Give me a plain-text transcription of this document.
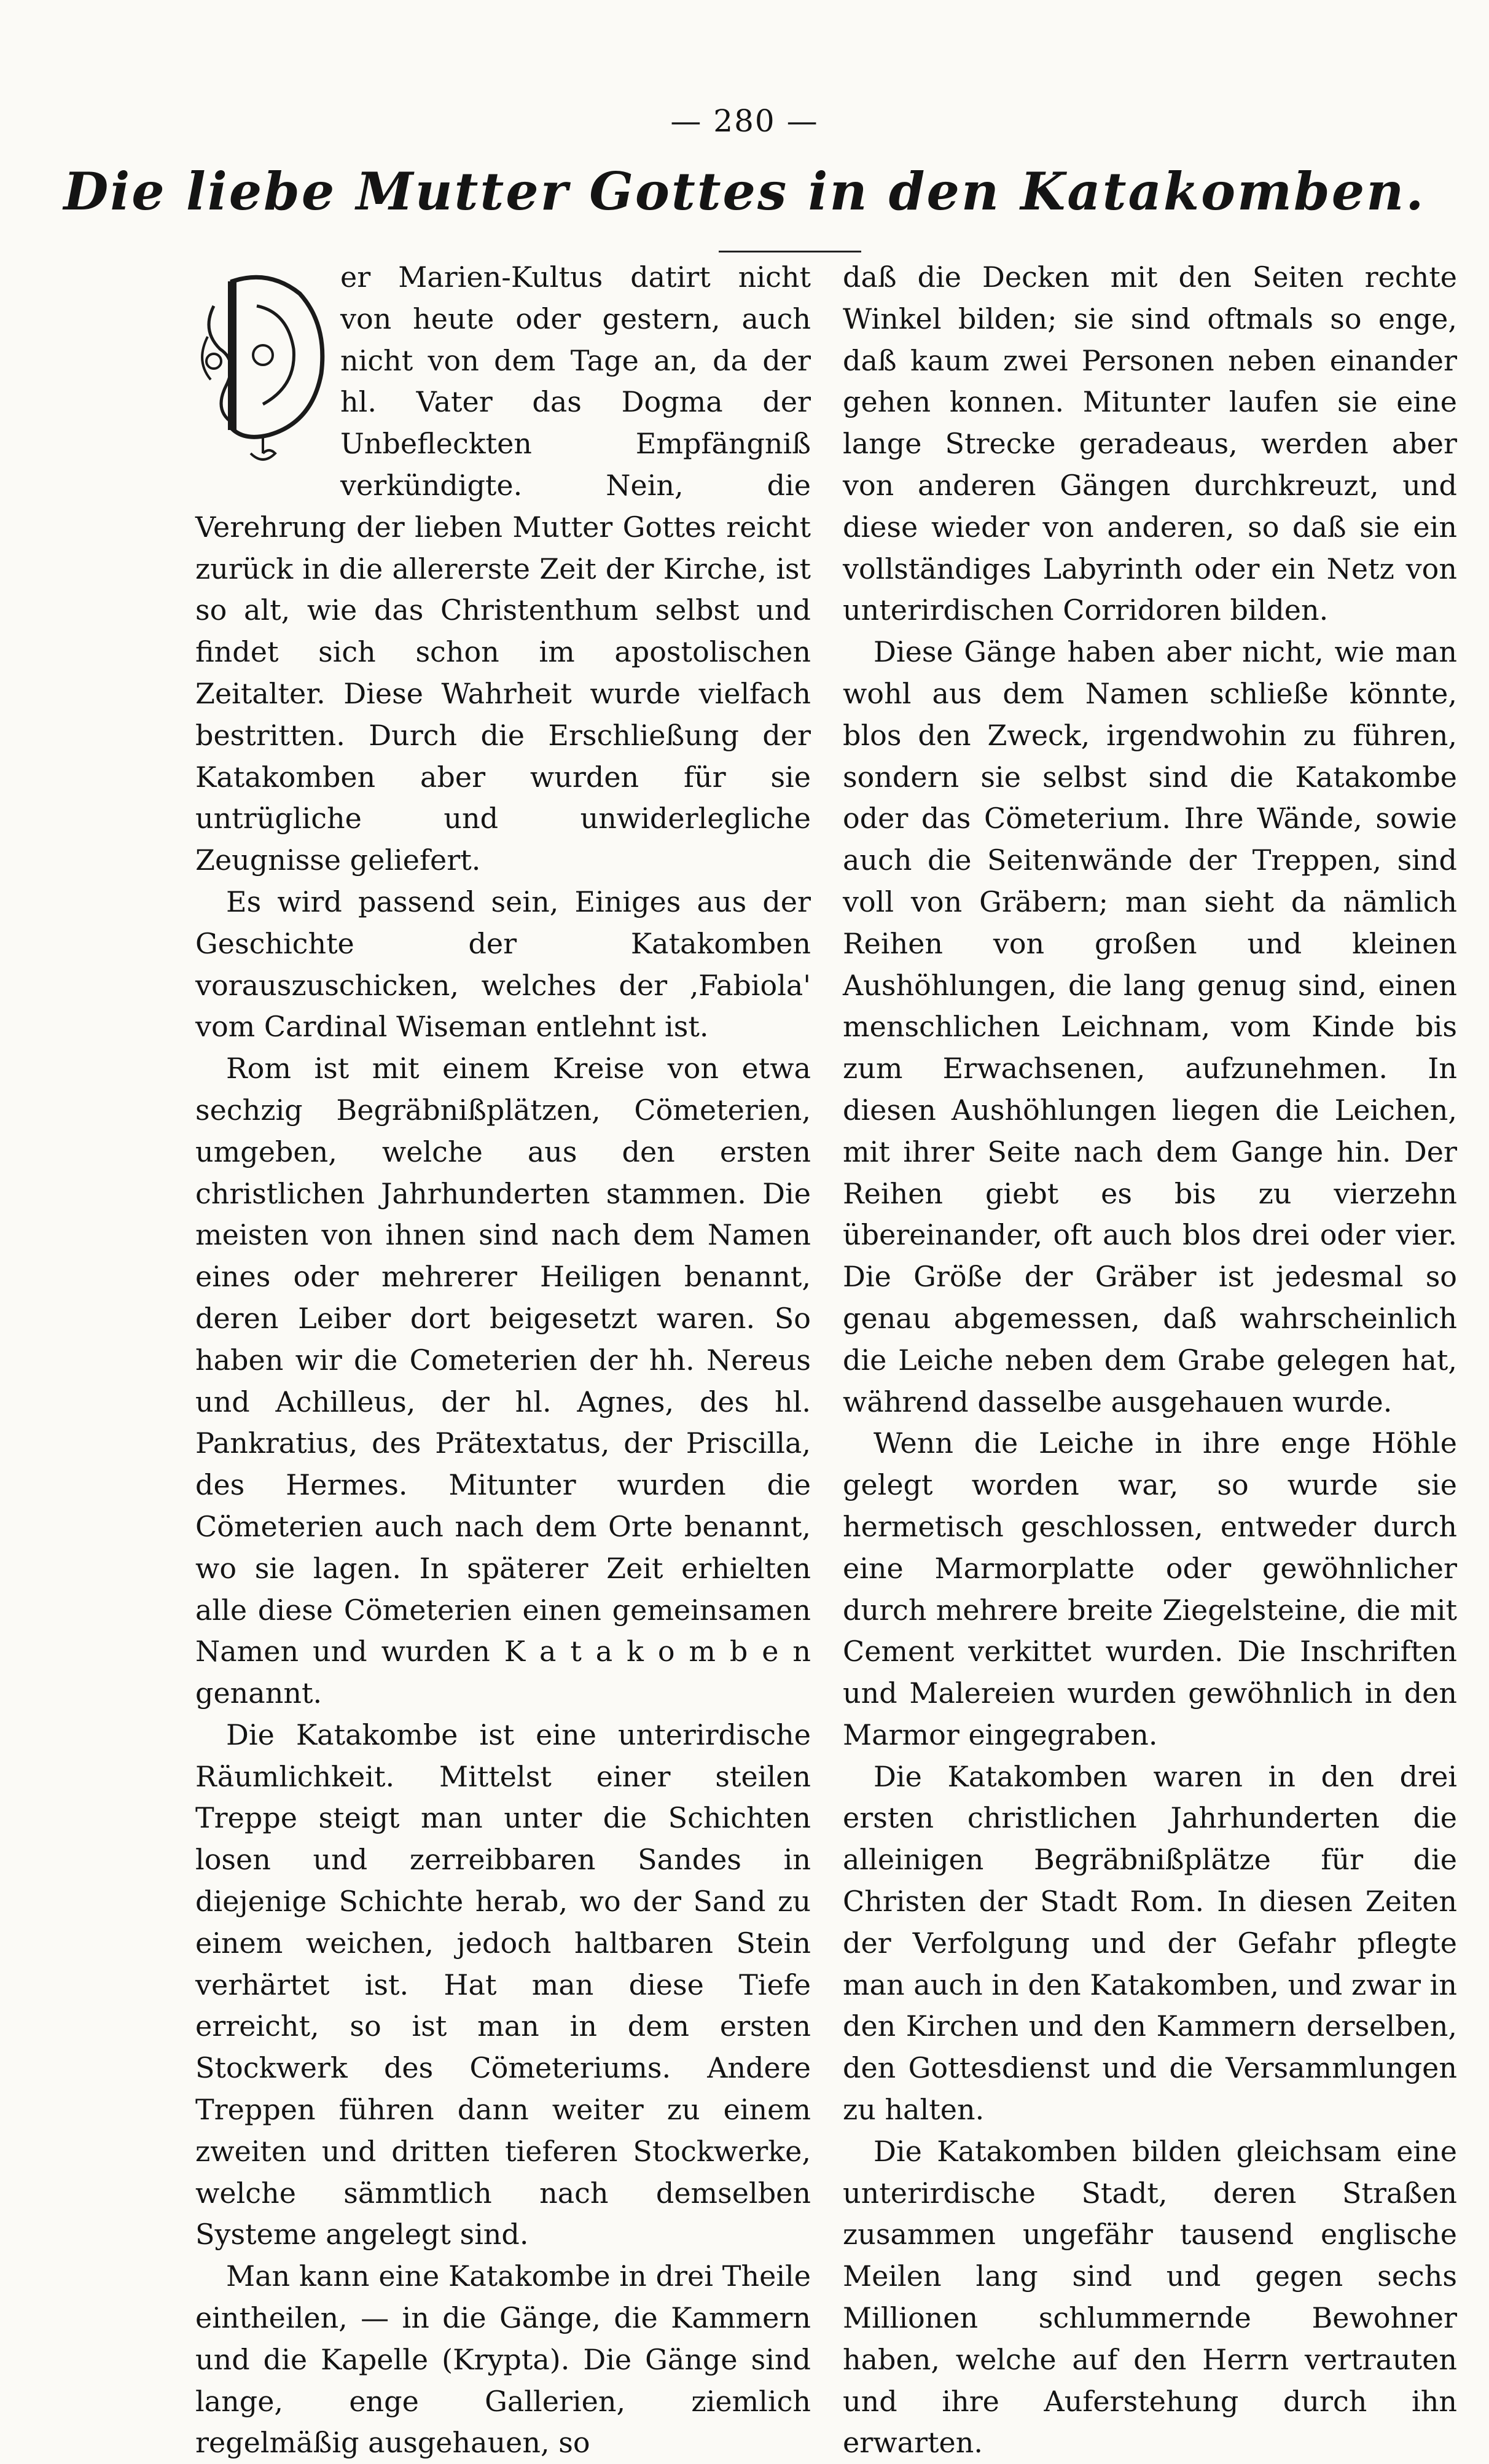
— 280 —
Die liebe Mutter Gottes in den Katakomben.

er Marien-Kultus datirt nicht von heute oder gestern, auch nicht von dem Tage an, da der hl. Vater das Dogma der Unbefleckten Empfängniß verkündigte. Nein, die Verehrung der lieben Mutter Gottes reicht zurück in die allererste Zeit der Kirche, ist so alt, wie das Christenthum selbst und findet sich schon im apostolischen Zeitalter. Diese Wahrheit wurde vielfach bestritten. Durch die Erschließung der Katakomben aber wurden für sie untrügliche und unwiderlegliche Zeugnisse geliefert.

Es wird passend sein, Einiges aus der Geschichte der Katakomben vorauszuschicken, welches der ‚Fabiola' vom Cardinal Wiseman entlehnt ist.

Rom ist mit einem Kreise von etwa sechzig Begräbnißplätzen, Cömeterien, umgeben, welche aus den ersten christlichen Jahrhunderten stammen. Die meisten von ihnen sind nach dem Namen eines oder mehrerer Heiligen benannt, deren Leiber dort beigesetzt waren. So haben wir die Cometerien der hh. Nereus und Achilleus, der hl. Agnes, des hl. Pankratius, des Prätextatus, der Priscilla, des Hermes. Mitunter wurden die Cömeterien auch nach dem Orte benannt, wo sie lagen. In späterer Zeit erhielten alle diese Cömeterien einen gemeinsamen Namen und wurden K a t a k o m b e n genannt.

Die Katakombe ist eine unterirdische Räumlichkeit. Mittelst einer steilen Treppe steigt man unter die Schichten losen und zerreibbaren Sandes in diejenige Schichte herab, wo der Sand zu einem weichen, jedoch haltbaren Stein verhärtet ist. Hat man diese Tiefe erreicht, so ist man in dem ersten Stockwerk des Cömeteriums. Andere Treppen führen dann weiter zu einem zweiten und dritten tieferen Stockwerke, welche sämmtlich nach demselben Systeme angelegt sind.

Man kann eine Katakombe in drei Theile eintheilen, — in die Gänge, die Kammern und die Kapelle (Krypta). Die Gänge sind lange, enge Gallerien, ziemlich regelmäßig ausgehauen, so

daß die Decken mit den Seiten rechte Winkel bilden; sie sind oftmals so enge, daß kaum zwei Personen neben einander gehen konnen. Mitunter laufen sie eine lange Strecke geradeaus, werden aber von anderen Gängen durchkreuzt, und diese wieder von anderen, so daß sie ein vollständiges Labyrinth oder ein Netz von unterirdischen Corridoren bilden.

Diese Gänge haben aber nicht, wie man wohl aus dem Namen schließe könnte, blos den Zweck, irgendwohin zu führen, sondern sie selbst sind die Katakombe oder das Cömeterium. Ihre Wände, sowie auch die Seitenwände der Treppen, sind voll von Gräbern; man sieht da nämlich Reihen von großen und kleinen Aushöhlungen, die lang genug sind, einen menschlichen Leichnam, vom Kinde bis zum Erwachsenen, aufzunehmen. In diesen Aushöhlungen liegen die Leichen, mit ihrer Seite nach dem Gange hin. Der Reihen giebt es bis zu vierzehn übereinander, oft auch blos drei oder vier. Die Größe der Gräber ist jedesmal so genau abgemessen, daß wahrscheinlich die Leiche neben dem Grabe gelegen hat, während dasselbe ausgehauen wurde.

Wenn die Leiche in ihre enge Höhle gelegt worden war, so wurde sie hermetisch geschlossen, entweder durch eine Marmorplatte oder gewöhnlicher durch mehrere breite Ziegelsteine, die mit Cement verkittet wurden. Die Inschriften und Malereien wurden gewöhnlich in den Marmor eingegraben.

Die Katakomben waren in den drei ersten christlichen Jahrhunderten die alleinigen Begräbnißplätze für die Christen der Stadt Rom. In diesen Zeiten der Verfolgung und der Gefahr pflegte man auch in den Katakomben, und zwar in den Kirchen und den Kammern derselben, den Gottesdienst und die Versammlungen zu halten.

Die Katakomben bilden gleichsam eine unterirdische Stadt, deren Straßen zusammen ungefähr tausend englische Meilen lang sind und gegen sechs Millionen schlummernde Bewohner haben, welche auf den Herrn vertrauten und ihre Auferstehung durch ihn erwarten.
